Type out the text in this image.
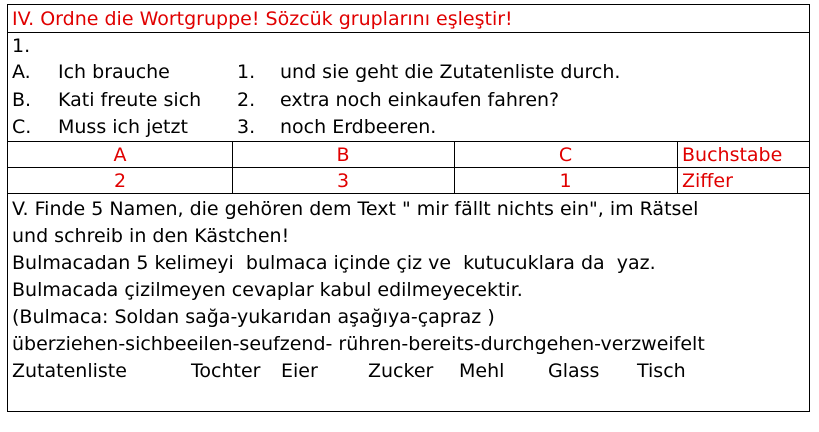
IV. Ordne die Wortgruppe! Sözcük gruplarını eşleştir!
1.
A. Ich brauche	1. und sie geht die Zutatenliste durch.
B. Kati freute sich 2. extra noch einkaufen fahren?
C. Muss ich jetzt	3. noch Erdbeeren.
A	B	C	Buchstabe
2	3	1	Ziffer
V. Finde 5 Namen, die gehören dem Text " mir fällt nichts ein", im Rätsel
und schreib in den Kästchen!
Bulmacadan 5 kelimeyi  bulmaca içinde çiz ve  kutucuklara da  yaz.
Bulmacada çizilmeyen cevaplar kabul edilmeyecektir.
(Bulmaca: Soldan sağa-yukarıdan aşağıya-çapraz )
überziehen-sichbeeilen-seufzend- rühren-bereits-durchgehen-verzweifelt
Zutatenliste	Tochter Eier	Zucker Mehl Glass Tisch
